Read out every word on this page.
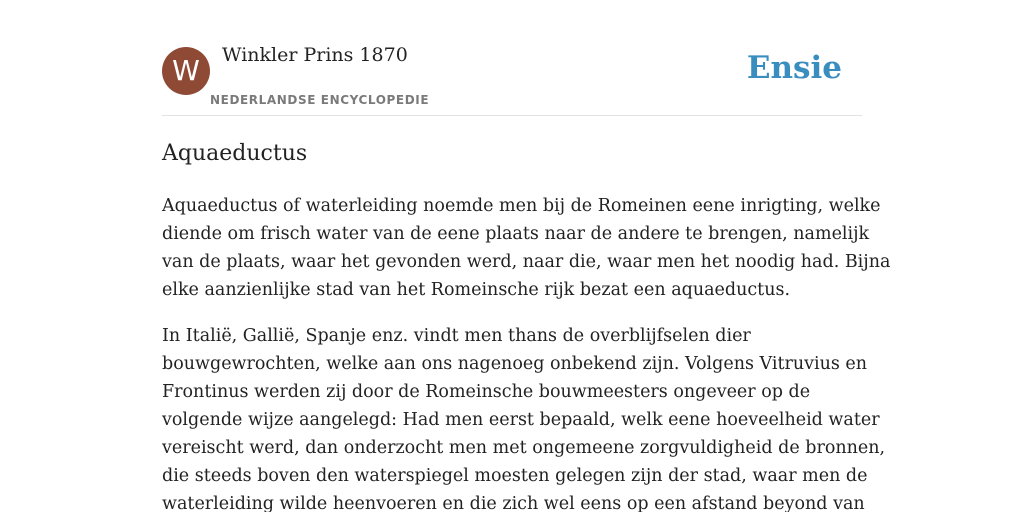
W	Winkler Prins 1870
NEDERLANDSE ENCYCLOPEDIE
Ensie
Aquaeductus

Aquaeductus of waterleiding noemde men bij de Romeinen eene inrigting, welke
diende om frisch water van de eene plaats naar de andere te brengen, namelijk
van de plaats, waar het gevonden werd, naar die, waar men het noodig had. Bijna
elke aanzienlijke stad van het Romeinsche rijk bezat een aquaeductus.

In Italië, Gallië, Spanje enz. vindt men thans de overblijfselen dier
bouwgewrochten, welke aan ons nagenoeg onbekend zijn. Volgens Vitruvius en
Frontinus werden zij door de Romeinsche bouwmeesters ongeveer op de
volgende wijze aangelegd: Had men eerst bepaald, welk eene hoeveelheid water
vereischt werd, dan onderzocht men met ongemeene zorgvuldigheid de bronnen,
die steeds boven den waterspiegel moesten gelegen zijn der stad, waar men de
waterleiding wilde heenvoeren en die zich wel eens op een afstand beyond van
